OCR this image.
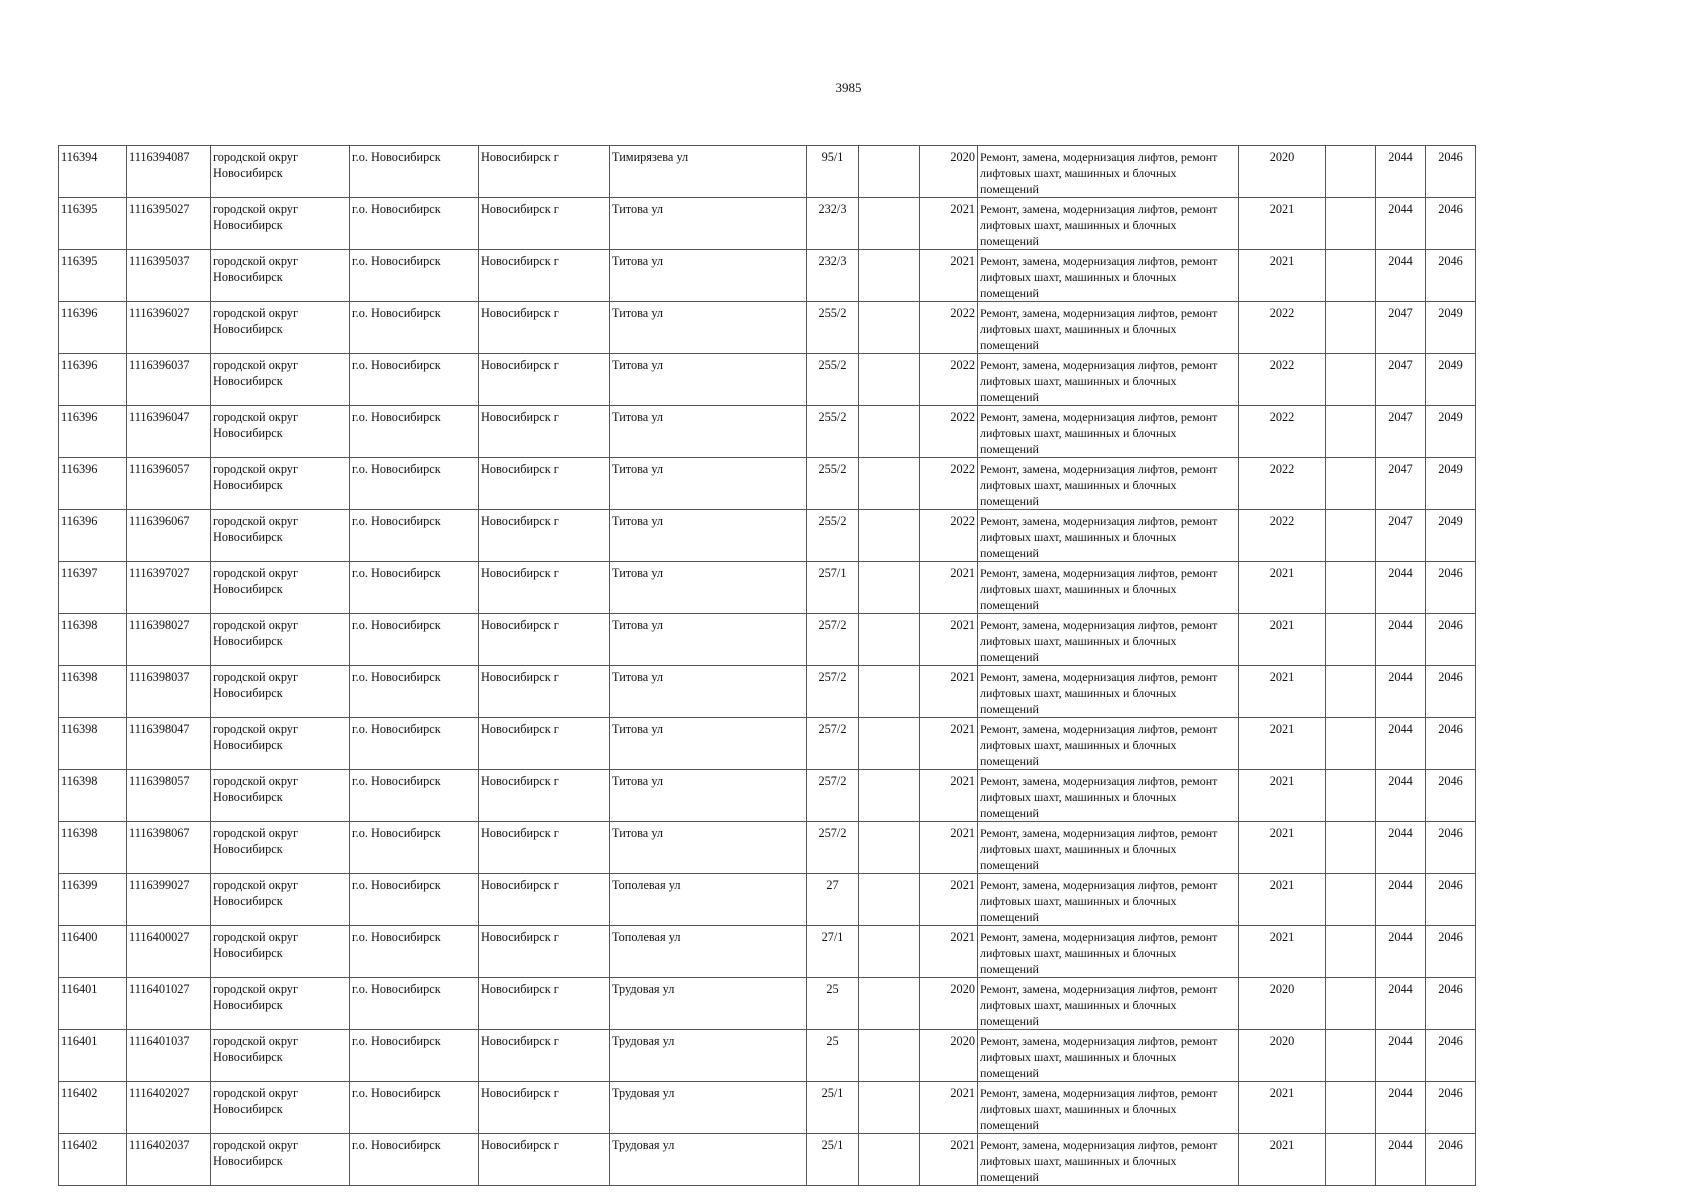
3985
116394	1116394087	городской округ Новосибирск	г.о. Новосибирск	Новосибирск г	Тимирязева ул	95/1		2020	Ремонт, замена, модернизация лифтов, ремонт лифтовых шахт, машинных и блочных помещений	2020		2044	2046
116395	1116395027	городской округ Новосибирск	г.о. Новосибирск	Новосибирск г	Титова ул	232/3		2021	Ремонт, замена, модернизация лифтов, ремонт лифтовых шахт, машинных и блочных помещений	2021		2044	2046
116395	1116395037	городской округ Новосибирск	г.о. Новосибирск	Новосибирск г	Титова ул	232/3		2021	Ремонт, замена, модернизация лифтов, ремонт лифтовых шахт, машинных и блочных помещений	2021		2044	2046
116396	1116396027	городской округ Новосибирск	г.о. Новосибирск	Новосибирск г	Титова ул	255/2		2022	Ремонт, замена, модернизация лифтов, ремонт лифтовых шахт, машинных и блочных помещений	2022		2047	2049
116396	1116396037	городской округ Новосибирск	г.о. Новосибирск	Новосибирск г	Титова ул	255/2		2022	Ремонт, замена, модернизация лифтов, ремонт лифтовых шахт, машинных и блочных помещений	2022		2047	2049
116396	1116396047	городской округ Новосибирск	г.о. Новосибирск	Новосибирск г	Титова ул	255/2		2022	Ремонт, замена, модернизация лифтов, ремонт лифтовых шахт, машинных и блочных помещений	2022		2047	2049
116396	1116396057	городской округ Новосибирск	г.о. Новосибирск	Новосибирск г	Титова ул	255/2		2022	Ремонт, замена, модернизация лифтов, ремонт лифтовых шахт, машинных и блочных помещений	2022		2047	2049
116396	1116396067	городской округ Новосибирск	г.о. Новосибирск	Новосибирск г	Титова ул	255/2		2022	Ремонт, замена, модернизация лифтов, ремонт лифтовых шахт, машинных и блочных помещений	2022		2047	2049
116397	1116397027	городской округ Новосибирск	г.о. Новосибирск	Новосибирск г	Титова ул	257/1		2021	Ремонт, замена, модернизация лифтов, ремонт лифтовых шахт, машинных и блочных помещений	2021		2044	2046
116398	1116398027	городской округ Новосибирск	г.о. Новосибирск	Новосибирск г	Титова ул	257/2		2021	Ремонт, замена, модернизация лифтов, ремонт лифтовых шахт, машинных и блочных помещений	2021		2044	2046
116398	1116398037	городской округ Новосибирск	г.о. Новосибирск	Новосибирск г	Титова ул	257/2		2021	Ремонт, замена, модернизация лифтов, ремонт лифтовых шахт, машинных и блочных помещений	2021		2044	2046
116398	1116398047	городской округ Новосибирск	г.о. Новосибирск	Новосибирск г	Титова ул	257/2		2021	Ремонт, замена, модернизация лифтов, ремонт лифтовых шахт, машинных и блочных помещений	2021		2044	2046
116398	1116398057	городской округ Новосибирск	г.о. Новосибирск	Новосибирск г	Титова ул	257/2		2021	Ремонт, замена, модернизация лифтов, ремонт лифтовых шахт, машинных и блочных помещений	2021		2044	2046
116398	1116398067	городской округ Новосибирск	г.о. Новосибирск	Новосибирск г	Титова ул	257/2		2021	Ремонт, замена, модернизация лифтов, ремонт лифтовых шахт, машинных и блочных помещений	2021		2044	2046
116399	1116399027	городской округ Новосибирск	г.о. Новосибирск	Новосибирск г	Тополевая ул	27		2021	Ремонт, замена, модернизация лифтов, ремонт лифтовых шахт, машинных и блочных помещений	2021		2044	2046
116400	1116400027	городской округ Новосибирск	г.о. Новосибирск	Новосибирск г	Тополевая ул	27/1		2021	Ремонт, замена, модернизация лифтов, ремонт лифтовых шахт, машинных и блочных помещений	2021		2044	2046
116401	1116401027	городской округ Новосибирск	г.о. Новосибирск	Новосибирск г	Трудовая ул	25		2020	Ремонт, замена, модернизация лифтов, ремонт лифтовых шахт, машинных и блочных помещений	2020		2044	2046
116401	1116401037	городской округ Новосибирск	г.о. Новосибирск	Новосибирск г	Трудовая ул	25		2020	Ремонт, замена, модернизация лифтов, ремонт лифтовых шахт, машинных и блочных помещений	2020		2044	2046
116402	1116402027	городской округ Новосибирск	г.о. Новосибирск	Новосибирск г	Трудовая ул	25/1		2021	Ремонт, замена, модернизация лифтов, ремонт лифтовых шахт, машинных и блочных помещений	2021		2044	2046
116402	1116402037	городской округ Новосибирск	г.о. Новосибирск	Новосибирск г	Трудовая ул	25/1		2021	Ремонт, замена, модернизация лифтов, ремонт лифтовых шахт, машинных и блочных помещений	2021		2044	2046
